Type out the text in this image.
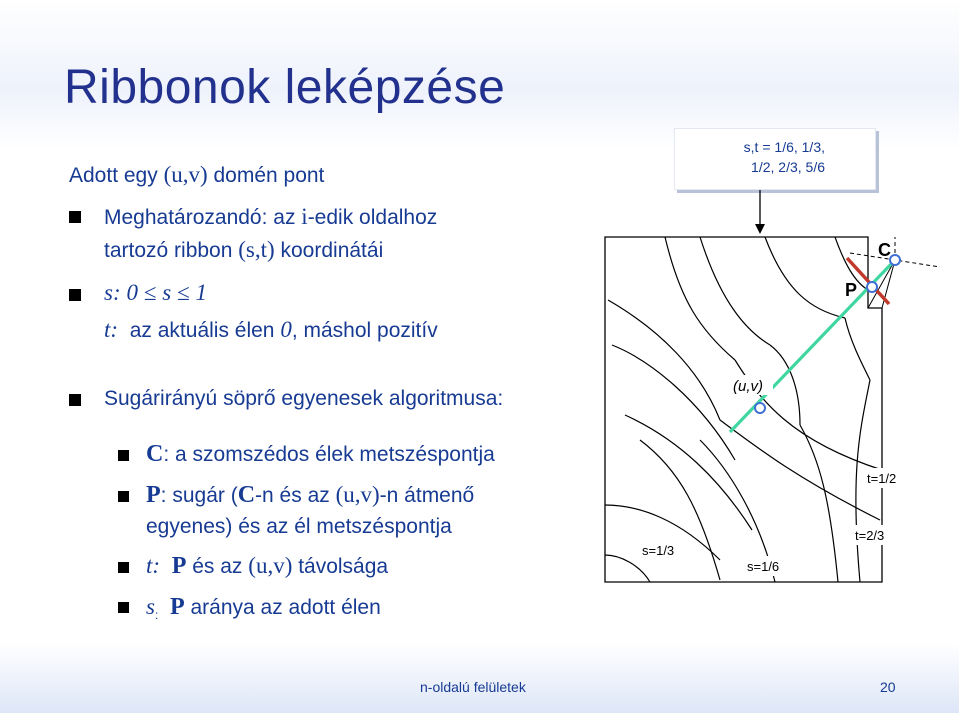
Ribbonok leképzése
Adott egy (u,v) domén pont
Meghatározandó: az i-edik oldalhoz
tartozó ribbon (s,t) koordinátái
s: 0 ≤ s ≤ 1
t: az aktuális élen 0, máshol pozitív
Sugárirányú söprő egyenesek algoritmusa:
C: a szomszédos élek metszéspontja
P: sugár (C-n és az (u,v)-n átmenő
egyenes) és az él metszéspontja
t: P és az (u,v) távolsága
$s_:$ P aránya az adott élen
s,t = 1/6, 1/3,
1/2, 2/3, 5/6
C
P
(u,v)
t=1/2
t=2/3
s=1/3
s=1/6
n-oldalú felületek	20
